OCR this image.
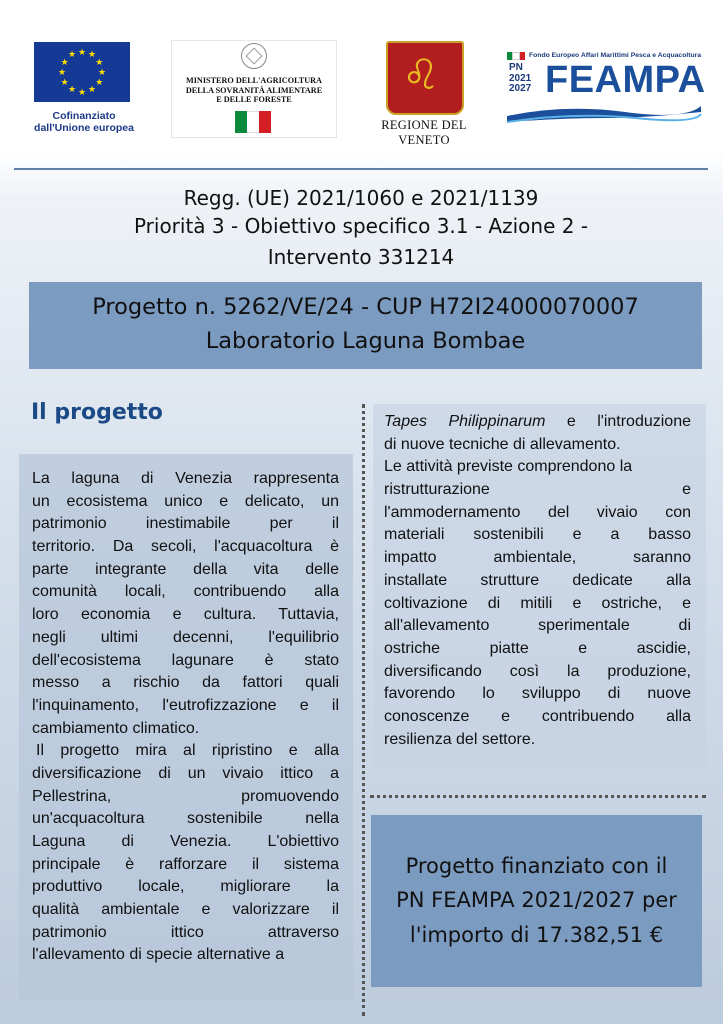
★ ★
★
★
★
★
★
★
★
★
★
★
Cofinanziato dall'Unione europea
MINISTERO DELL'AGRICOLTURA
DELLA SOVRANITÀ ALIMENTARE
E DELLE FORESTE
♌
REGIONE DEL VENETO
Fondo Europeo Affari Marittimi Pesca e Acquacoltura
PN
2021
2027 FEAMPA
Regg. (UE) 2021/1060 e 2021/1139
Priorità 3 - Obiettivo specifico 3.1 - Azione 2 -
Intervento 331214
Progetto n. 5262/VE/24 - CUP H72I24000070007
Laboratorio Laguna Bombae
Il progetto
La laguna di Venezia rappresenta
un ecosistema unico e delicato, un
patrimonio inestimabile per il
territorio. Da secoli, l'acquacoltura è
parte integrante della vita delle
comunità locali, contribuendo alla
loro economia e cultura. Tuttavia,
negli ultimi decenni, l'equilibrio
dell'ecosistema lagunare è stato
messo a rischio da fattori quali
l'inquinamento, l'eutrofizzazione e il
cambiamento climatico.
Il progetto mira al ripristino e alla
diversificazione di un vivaio ittico a
Pellestrina, promuovendo
un'acquacoltura sostenibile nella
Laguna di Venezia. L'obiettivo
principale è rafforzare il sistema
produttivo locale, migliorare la
qualità ambientale e valorizzare il
patrimonio ittico attraverso
l'allevamento di specie alternative a
Tapes Philippinarum e l'introduzione
di nuove tecniche di allevamento.
Le attività previste comprendono la
ristrutturazione e
l'ammodernamento del vivaio con
materiali sostenibili e a basso
impatto ambientale, saranno
installate strutture dedicate alla
coltivazione di mitili e ostriche, e
all'allevamento sperimentale di
ostriche piatte e ascidie,
diversificando così la produzione,
favorendo lo sviluppo di nuove
conoscenze e contribuendo alla
resilienza del settore.
Progetto finanziato con il
PN FEAMPA 2021/2027 per
l'importo di 17.382,51 €
